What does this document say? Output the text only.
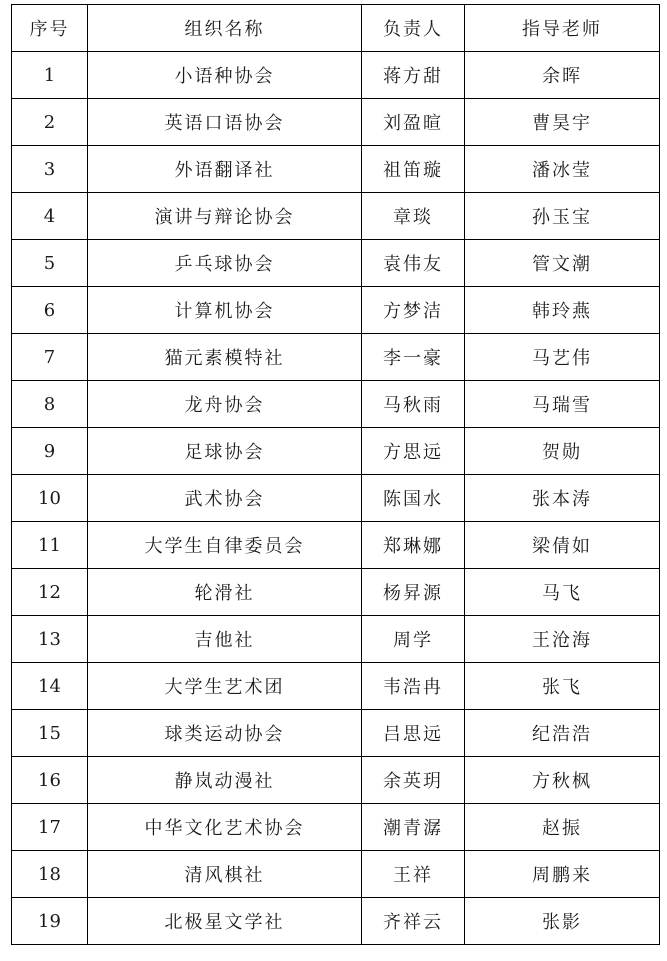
序号	组织名称	负责人	指导老师
1	小语种协会	蒋方甜	余晖
2	英语口语协会	刘盈暄	曹昊宇
3	外语翻译社	祖笛璇	潘冰莹
4	演讲与辩论协会	章琰	孙玉宝
5	乒乓球协会	袁伟友	管文潮
6	计算机协会	方梦洁	韩玲燕
7	猫元素模特社	李一豪	马艺伟
8	龙舟协会	马秋雨	马瑞雪
9	足球协会	方思远	贺勋
10	武术协会	陈国水	张本涛
11	大学生自律委员会	郑琳娜	梁倩如
12	轮滑社	杨昇源	马飞
13	吉他社	周学	王沧海
14	大学生艺术团	韦浩冉	张飞
15	球类运动协会	吕思远	纪浩浩
16	静岚动漫社	余英玥	方秋枫
17	中华文化艺术协会	潮青潺	赵振
18	清风棋社	王祥	周鹏来
19	北极星文学社	齐祥云	张影
